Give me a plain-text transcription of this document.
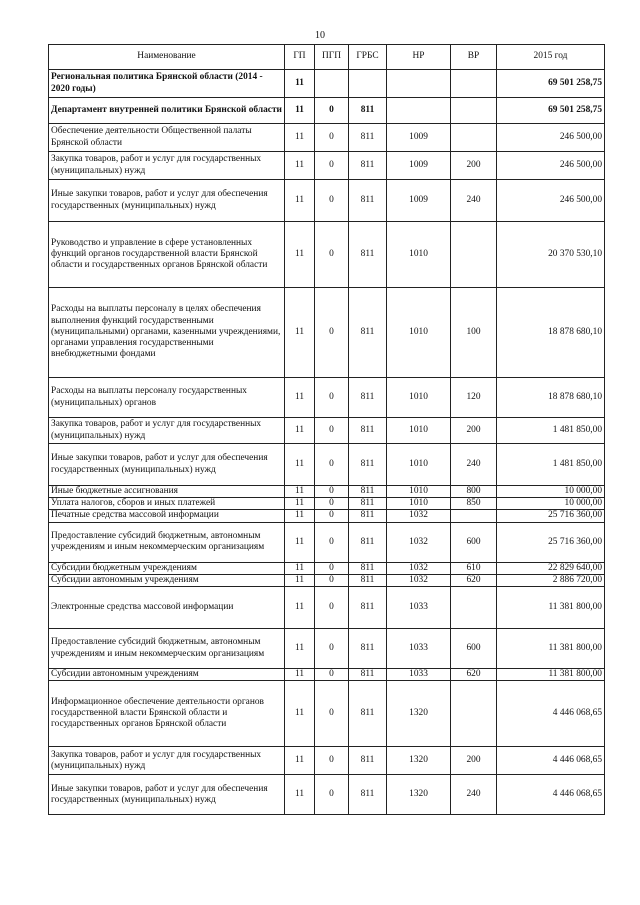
10
Наименование	ГП	ПГП	ГРБС	НР	ВР	2015 год
Региональная политика Брянской области (2014 - 2020 годы)	11					69 501 258,75
Департамент внутренней политики Брянской области	11	0	811			69 501 258,75
Обеспечение деятельности Общественной палаты Брянской области	11	0	811	1009		246 500,00
Закупка товаров, работ и услуг для государственных (муниципальных) нужд	11	0	811	1009	200	246 500,00
Иные закупки товаров, работ и услуг для обеспечения государственных (муниципальных) нужд	11	0	811	1009	240	246 500,00
Руководство и управление в сфере установленных функций органов государственной власти Брянской области и государственных органов Брянской области	11	0	811	1010		20 370 530,10
Расходы на выплаты персоналу в целях обеспечения выполнения функций государственными (муниципальными) органами, казенными учреждениями, органами управления государственными внебюджетными фондами	11	0	811	1010	100	18 878 680,10
Расходы на выплаты персоналу государственных (муниципальных) органов	11	0	811	1010	120	18 878 680,10
Закупка товаров, работ и услуг для государственных (муниципальных) нужд	11	0	811	1010	200	1 481 850,00
Иные закупки товаров, работ и услуг для обеспечения государственных (муниципальных) нужд	11	0	811	1010	240	1 481 850,00
Иные бюджетные ассигнования	11	0	811	1010	800	10 000,00
Уплата налогов, сборов и иных платежей	11	0	811	1010	850	10 000,00
Печатные средства массовой информации	11	0	811	1032		25 716 360,00
Предоставление субсидий бюджетным, автономным учреждениям и иным некоммерческим организациям	11	0	811	1032	600	25 716 360,00
Субсидии бюджетным учреждениям	11	0	811	1032	610	22 829 640,00
Субсидии автономным учреждениям	11	0	811	1032	620	2 886 720,00
Электронные средства массовой информации	11	0	811	1033		11 381 800,00
Предоставление субсидий бюджетным, автономным учреждениям и иным некоммерческим организациям	11	0	811	1033	600	11 381 800,00
Субсидии автономным учреждениям	11	0	811	1033	620	11 381 800,00
Информационное обеспечение деятельности органов государственной власти Брянской области и государственных органов Брянской области	11	0	811	1320		4 446 068,65
Закупка товаров, работ и услуг для государственных (муниципальных) нужд	11	0	811	1320	200	4 446 068,65
Иные закупки товаров, работ и услуг для обеспечения государственных (муниципальных) нужд	11	0	811	1320	240	4 446 068,65
